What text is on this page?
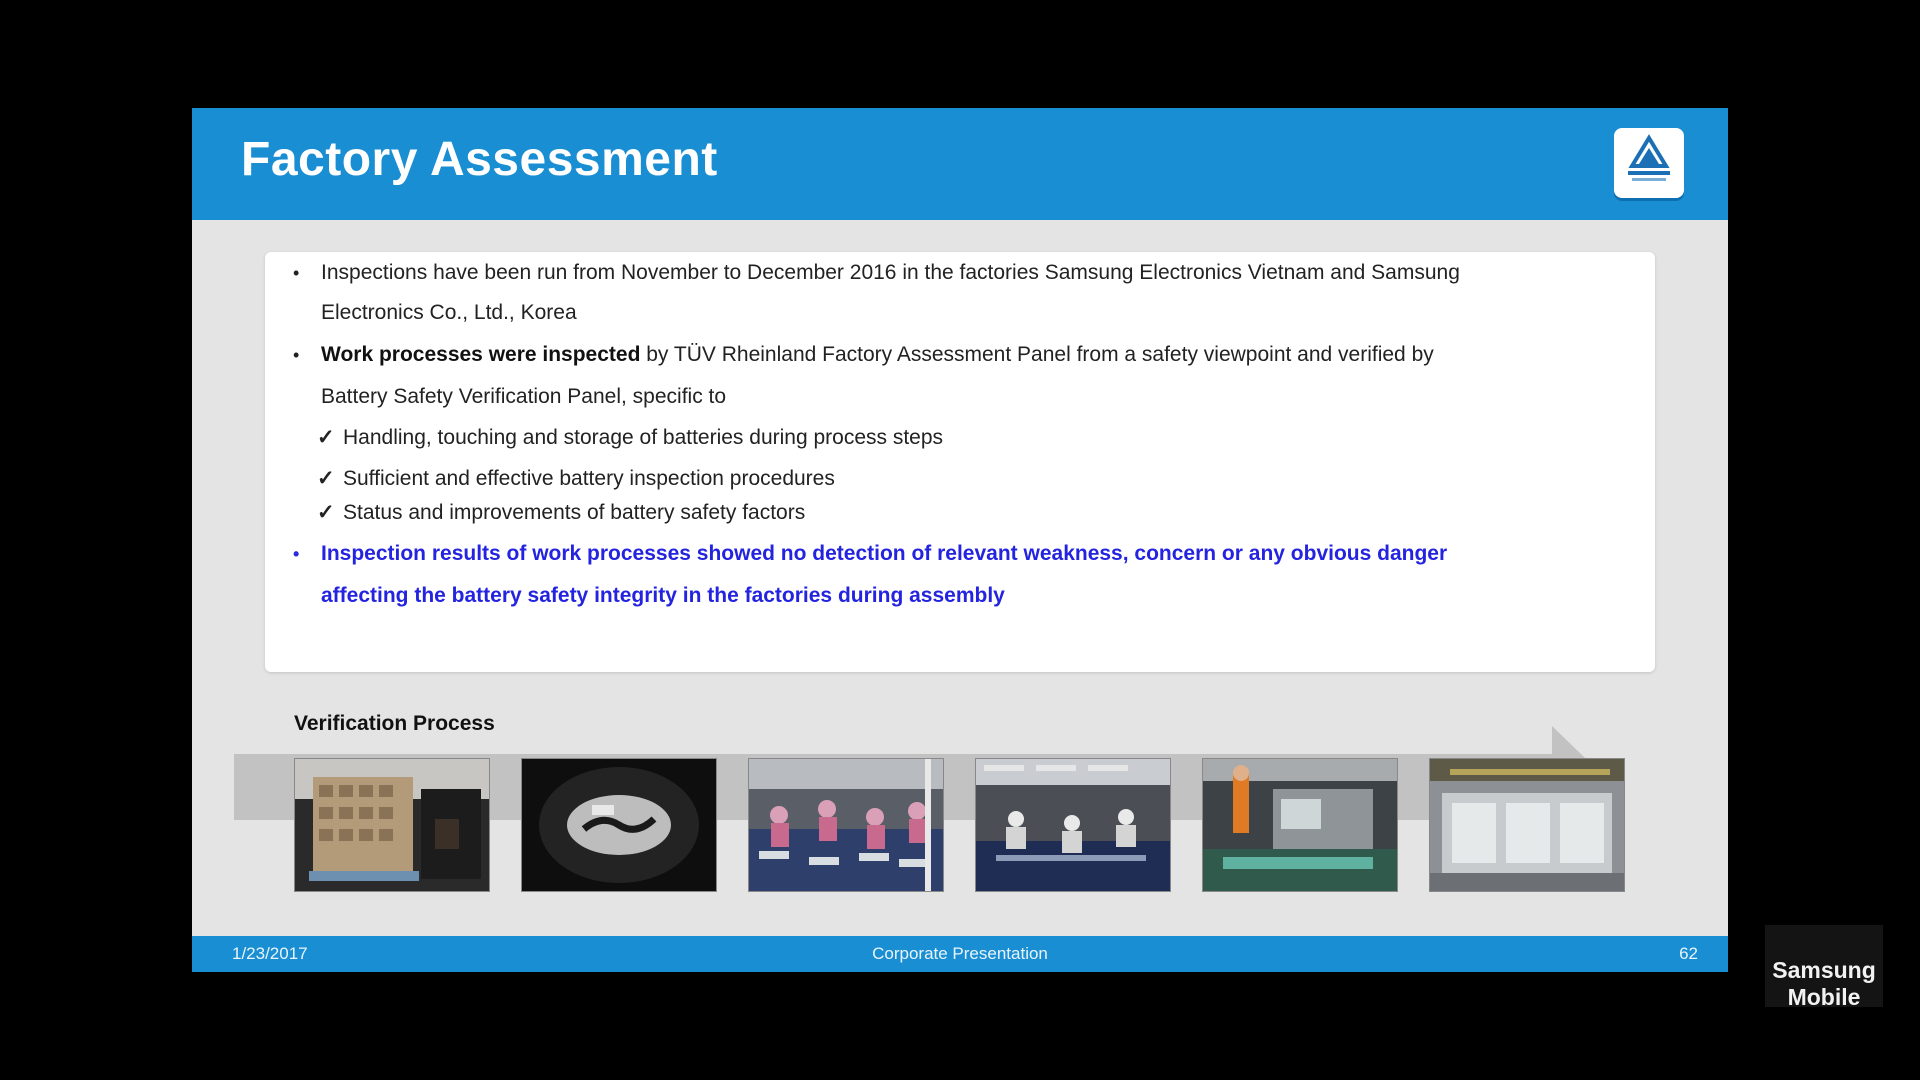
Factory Assessment
• Inspections have been run from November to December 2016 in the factories Samsung Electronics Vietnam and Samsung
Electronics Co., Ltd., Korea
• Work processes were inspected by TÜV Rheinland Factory Assessment Panel from a safety viewpoint and verified by
Battery Safety Verification Panel, specific to
✓ Handling, touching and storage of batteries during process steps
✓ Sufficient and effective battery inspection procedures
✓ Status and improvements of battery safety factors
• Inspection results of work processes showed no detection of relevant weakness, concern or any obvious danger
affecting the battery safety integrity in the factories during assembly

Verification Process

1/23/2017	Corporate Presentation	62
Samsung
Mobile
